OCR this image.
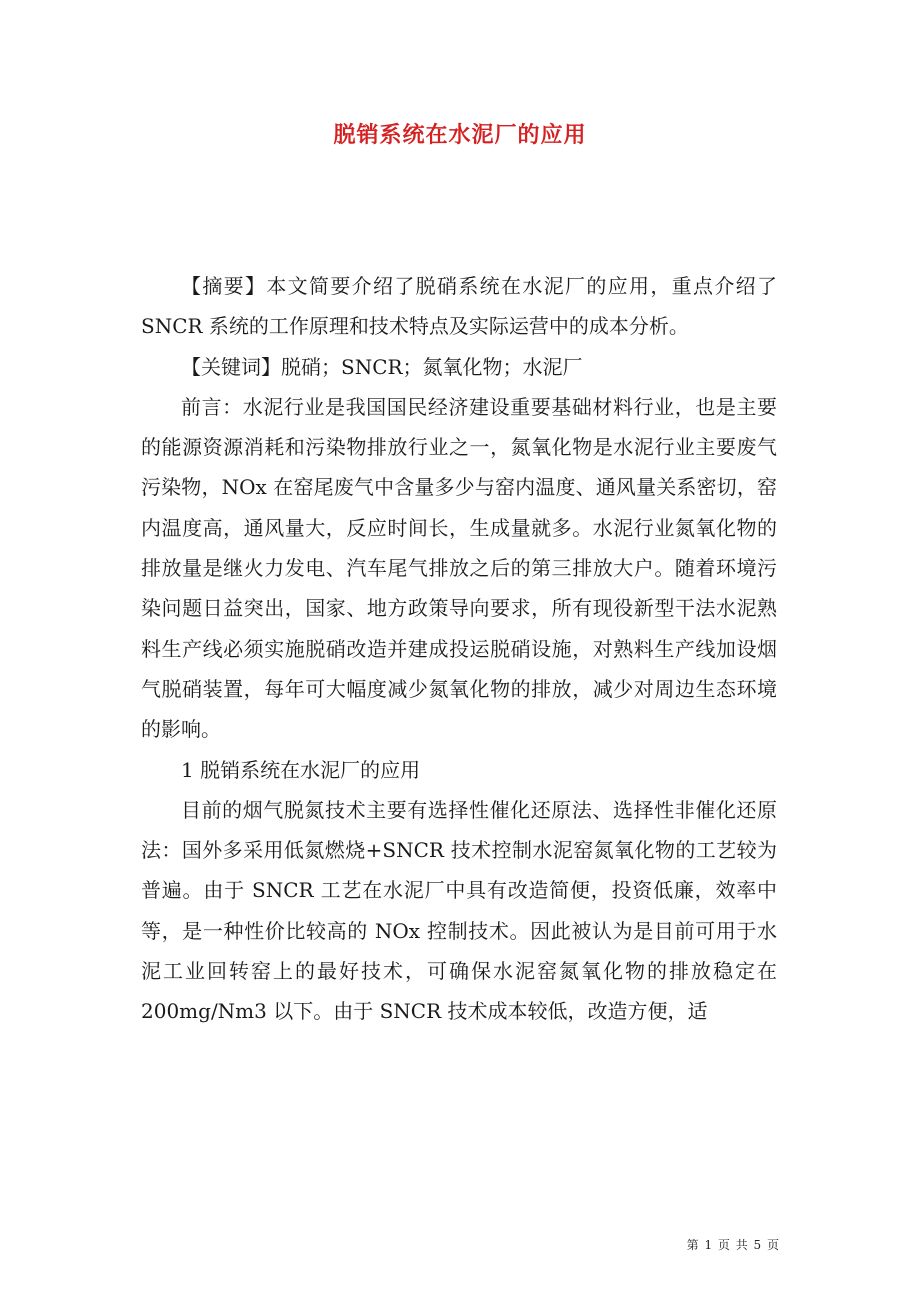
脱销系统在水泥厂的应用

【摘要】本文简要介绍了脱硝系统在水泥厂的应用，重点介绍了 SNCR 系统的工作原理和技术特点及实际运营中的成本分析。

【关键词】脱硝；SNCR；氮氧化物；水泥厂

前言：水泥行业是我国国民经济建设重要基础材料行业，也是主要的能源资源消耗和污染物排放行业之一，氮氧化物是水泥行业主要废气污染物，NOx 在窑尾废气中含量多少与窑内温度、通风量关系密切，窑内温度高，通风量大，反应时间长，生成量就多。水泥行业氮氧化物的排放量是继火力发电、汽车尾气排放之后的第三排放大户。随着环境污染问题日益突出，国家、地方政策导向要求，所有现役新型干法水泥熟料生产线必须实施脱硝改造并建成投运脱硝设施，对熟料生产线加设烟气脱硝装置，每年可大幅度减少氮氧化物的排放，减少对周边生态环境的影响。

1 脱销系统在水泥厂的应用

目前的烟气脱氮技术主要有选择性催化还原法、选择性非催化还原法：国外多采用低氮燃烧+SNCR 技术控制水泥窑氮氧化物的工艺较为普遍。由于 SNCR 工艺在水泥厂中具有改造简便，投资低廉，效率中等，是一种性价比较高的 NOx 控制技术。因此被认为是目前可用于水泥工业回转窑上的最好技术，可确保水泥窑氮氧化物的排放稳定在 200mg/Nm3 以下。由于 SNCR 技术成本较低，改造方便，适

第 1 页 共 5 页
